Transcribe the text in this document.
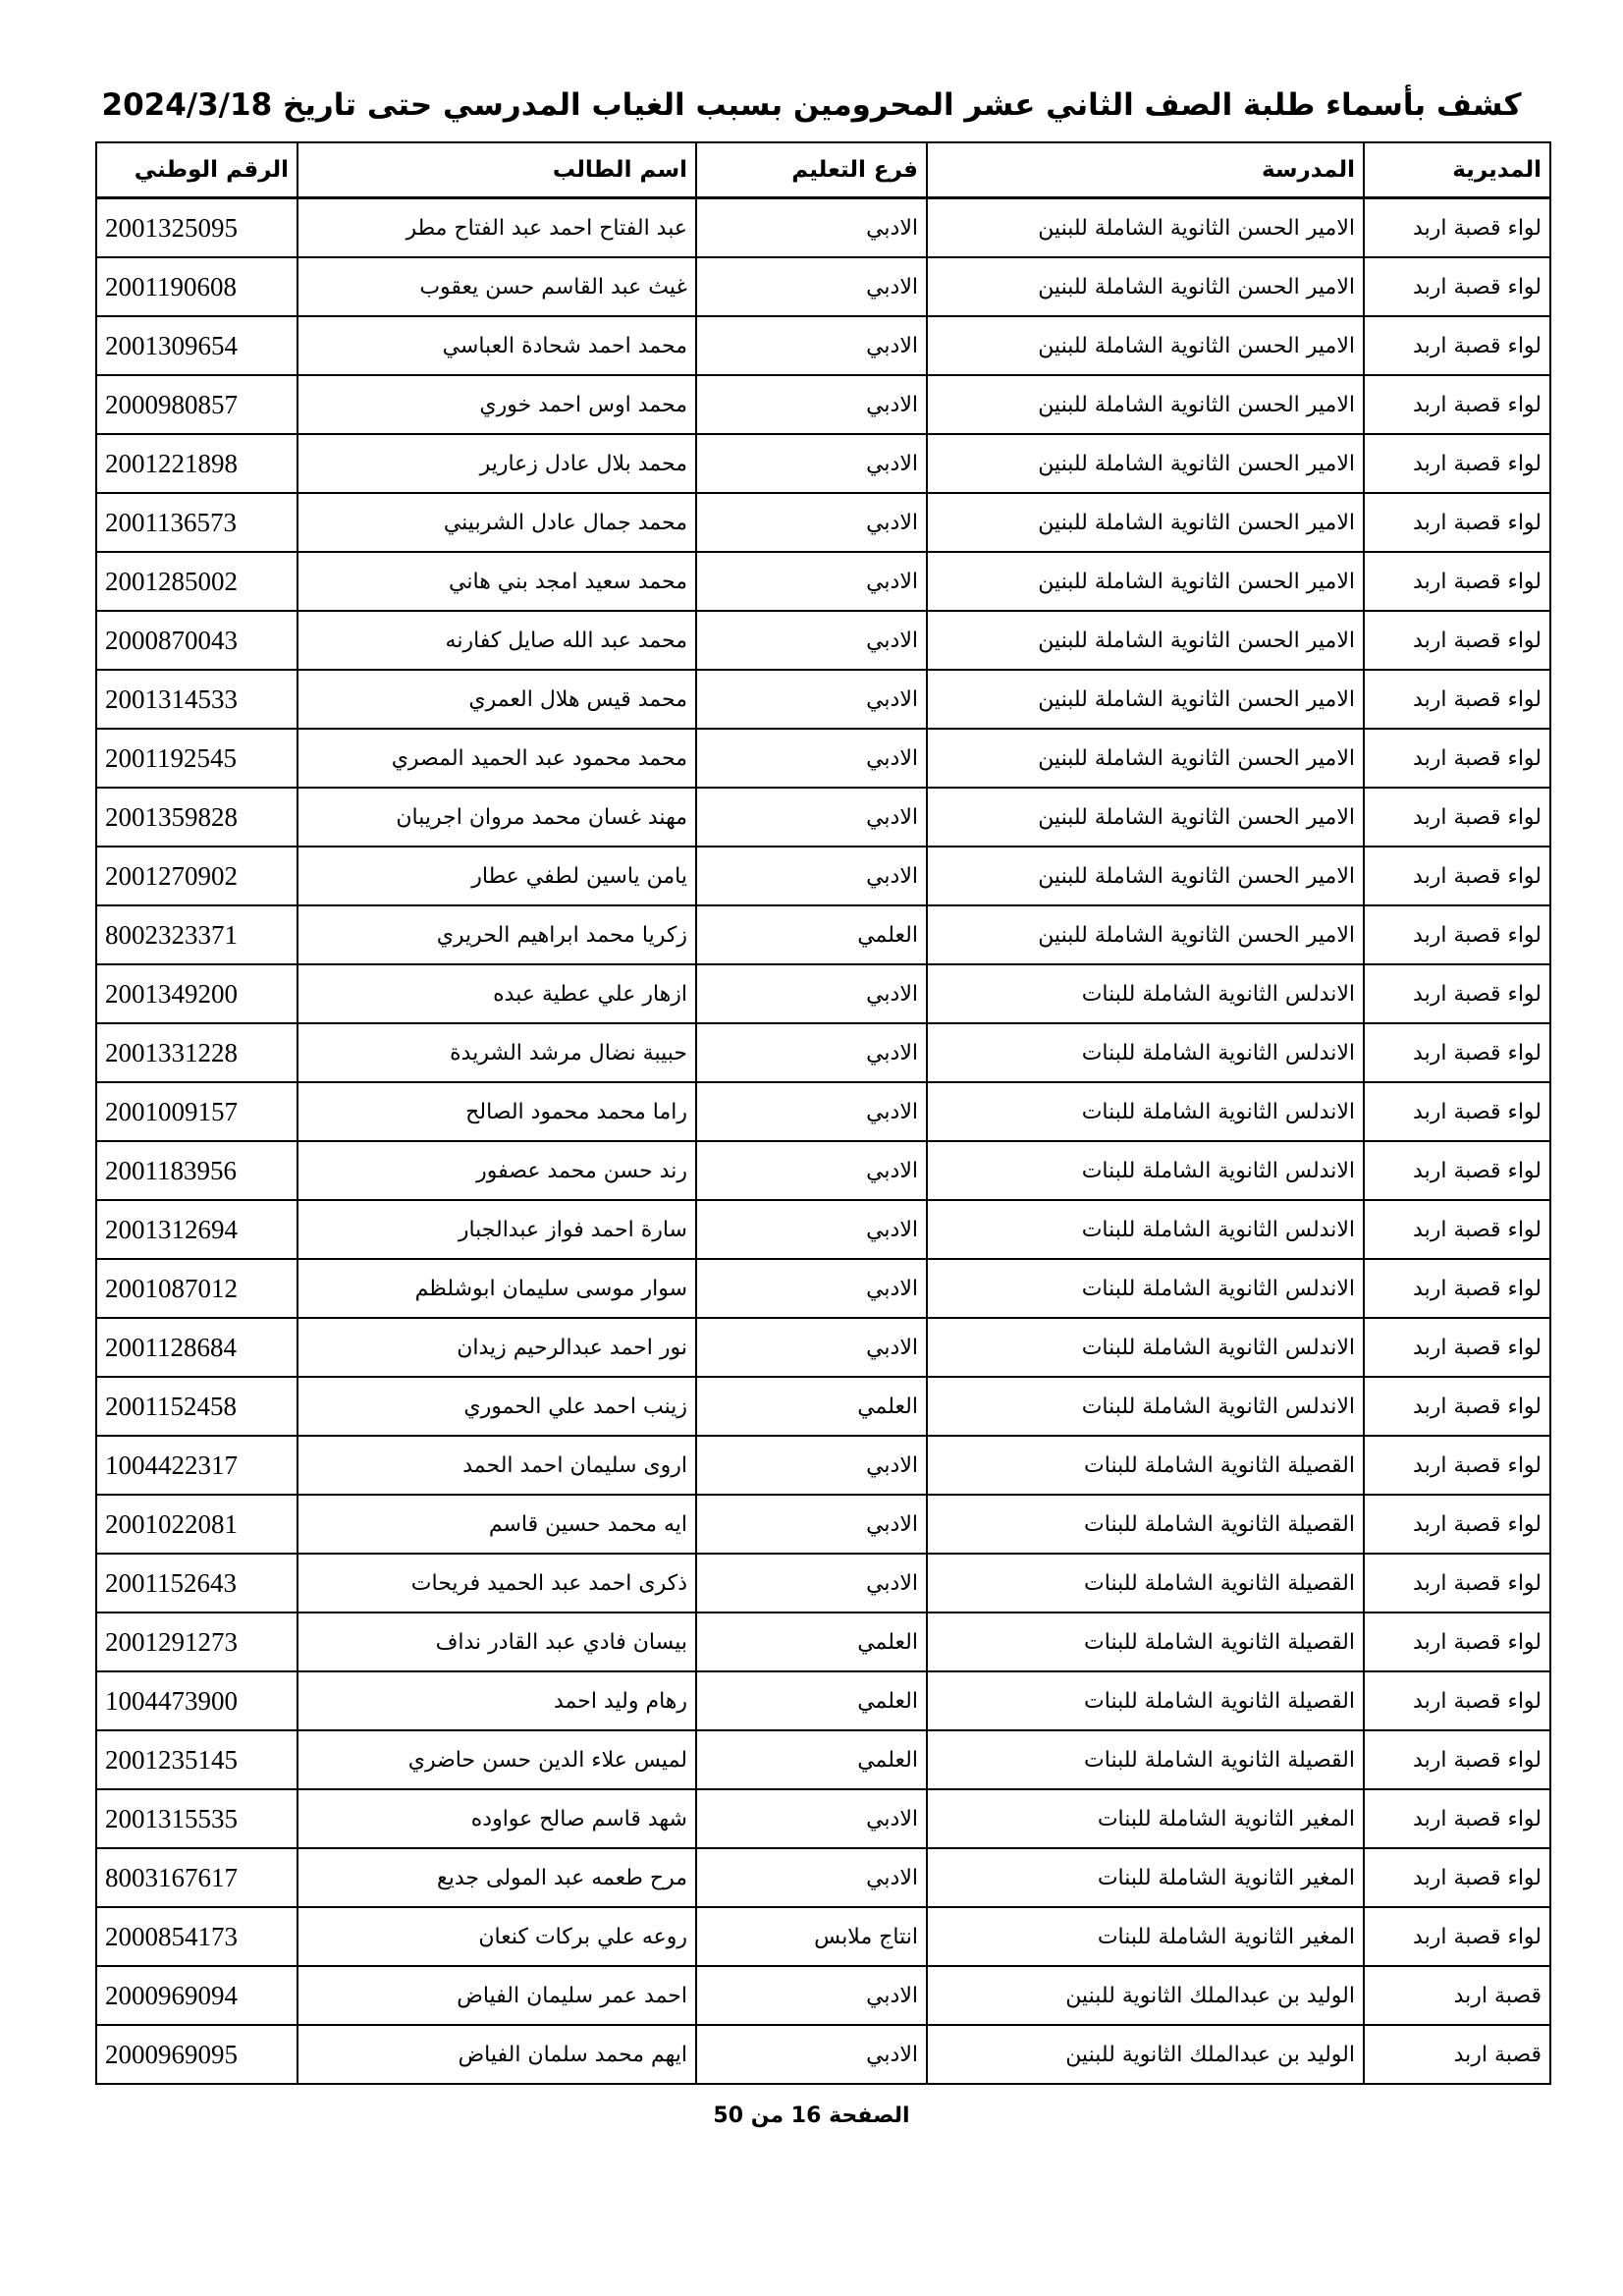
كشف بأسماء طلبة الصف الثاني عشر المحرومين بسبب الغياب المدرسي حتى تاريخ 2024/3/18
المديرية	المدرسة	فرع التعليم	اسم الطالب	الرقم الوطني
لواء قصبة اربد	الامير الحسن الثانوية الشاملة للبنين	الادبي	عبد الفتاح احمد عبد الفتاح مطر	2001325095
لواء قصبة اربد	الامير الحسن الثانوية الشاملة للبنين	الادبي	غيث عبد القاسم حسن يعقوب	2001190608
لواء قصبة اربد	الامير الحسن الثانوية الشاملة للبنين	الادبي	محمد احمد شحادة العباسي	2001309654
لواء قصبة اربد	الامير الحسن الثانوية الشاملة للبنين	الادبي	محمد اوس احمد خوري	2000980857
لواء قصبة اربد	الامير الحسن الثانوية الشاملة للبنين	الادبي	محمد بلال عادل زعارير	2001221898
لواء قصبة اربد	الامير الحسن الثانوية الشاملة للبنين	الادبي	محمد جمال عادل الشربيني	2001136573
لواء قصبة اربد	الامير الحسن الثانوية الشاملة للبنين	الادبي	محمد سعيد امجد بني هاني	2001285002
لواء قصبة اربد	الامير الحسن الثانوية الشاملة للبنين	الادبي	محمد عبد الله صايل كفارنه	2000870043
لواء قصبة اربد	الامير الحسن الثانوية الشاملة للبنين	الادبي	محمد قيس هلال العمري	2001314533
لواء قصبة اربد	الامير الحسن الثانوية الشاملة للبنين	الادبي	محمد محمود عبد الحميد المصري	2001192545
لواء قصبة اربد	الامير الحسن الثانوية الشاملة للبنين	الادبي	مهند غسان محمد مروان اجريبان	2001359828
لواء قصبة اربد	الامير الحسن الثانوية الشاملة للبنين	الادبي	يامن ياسين لطفي عطار	2001270902
لواء قصبة اربد	الامير الحسن الثانوية الشاملة للبنين	العلمي	زكريا محمد ابراهيم الحريري	8002323371
لواء قصبة اربد	الاندلس الثانوية الشاملة للبنات	الادبي	ازهار علي عطية عبده	2001349200
لواء قصبة اربد	الاندلس الثانوية الشاملة للبنات	الادبي	حبيبة نضال مرشد الشريدة	2001331228
لواء قصبة اربد	الاندلس الثانوية الشاملة للبنات	الادبي	راما محمد محمود الصالح	2001009157
لواء قصبة اربد	الاندلس الثانوية الشاملة للبنات	الادبي	رند حسن محمد عصفور	2001183956
لواء قصبة اربد	الاندلس الثانوية الشاملة للبنات	الادبي	سارة احمد فواز عبدالجبار	2001312694
لواء قصبة اربد	الاندلس الثانوية الشاملة للبنات	الادبي	سوار موسى سليمان ابوشلظم	2001087012
لواء قصبة اربد	الاندلس الثانوية الشاملة للبنات	الادبي	نور احمد عبدالرحيم زيدان	2001128684
لواء قصبة اربد	الاندلس الثانوية الشاملة للبنات	العلمي	زينب احمد علي الحموري	2001152458
لواء قصبة اربد	القصيلة الثانوية الشاملة للبنات	الادبي	اروى سليمان احمد الحمد	1004422317
لواء قصبة اربد	القصيلة الثانوية الشاملة للبنات	الادبي	ايه محمد حسين قاسم	2001022081
لواء قصبة اربد	القصيلة الثانوية الشاملة للبنات	الادبي	ذكرى احمد عبد الحميد فريحات	2001152643
لواء قصبة اربد	القصيلة الثانوية الشاملة للبنات	العلمي	بيسان فادي عبد القادر نداف	2001291273
لواء قصبة اربد	القصيلة الثانوية الشاملة للبنات	العلمي	رهام وليد احمد	1004473900
لواء قصبة اربد	القصيلة الثانوية الشاملة للبنات	العلمي	لميس علاء الدين حسن حاضري	2001235145
لواء قصبة اربد	المغير الثانوية الشاملة للبنات	الادبي	شهد قاسم صالح عواوده	2001315535
لواء قصبة اربد	المغير الثانوية الشاملة للبنات	الادبي	مرح طعمه عبد المولى جديع	8003167617
لواء قصبة اربد	المغير الثانوية الشاملة للبنات	انتاج ملابس	روعه علي بركات كنعان	2000854173
قصبة اربد	الوليد بن عبدالملك الثانوية للبنين	الادبي	احمد عمر سليمان الفياض	2000969094
قصبة اربد	الوليد بن عبدالملك الثانوية للبنين	الادبي	ايهم محمد سلمان الفياض	2000969095
الصفحة 16 من 50
